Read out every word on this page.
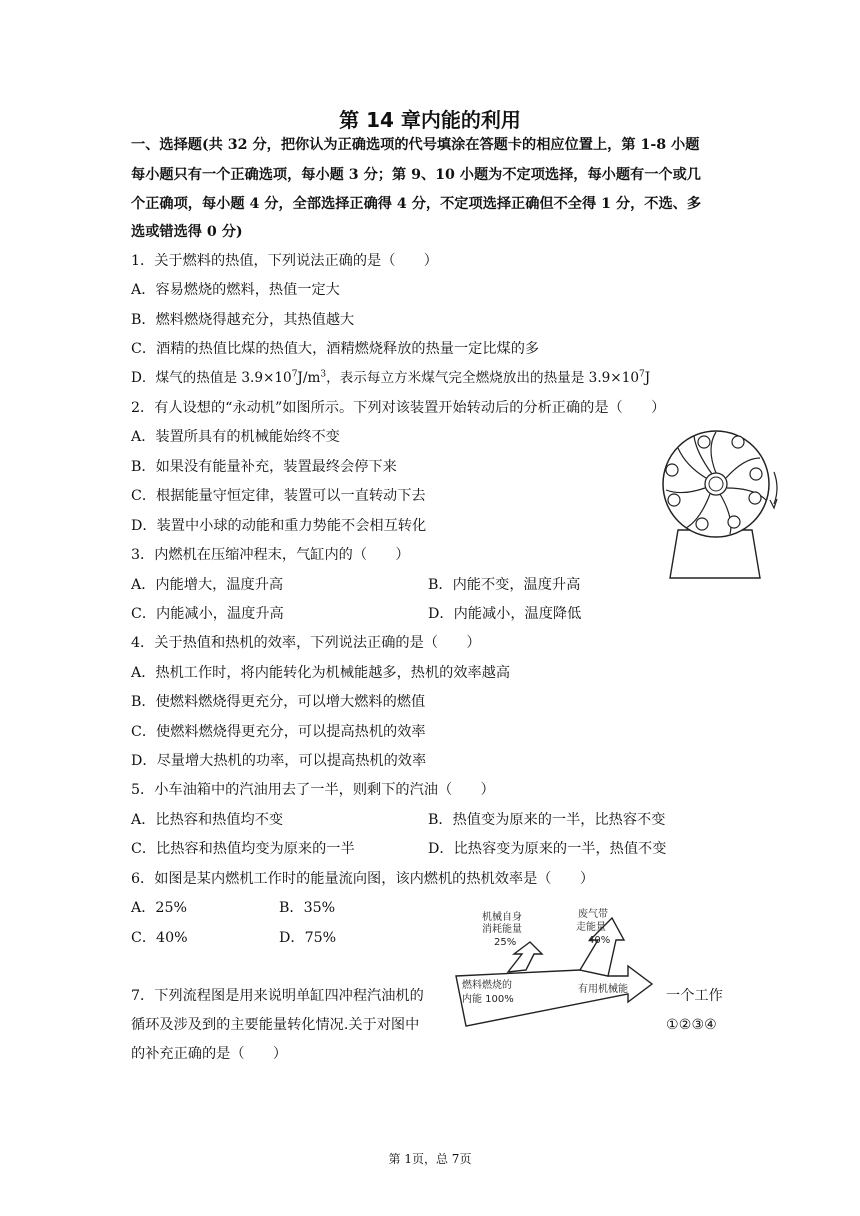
第 14 章内能的利用
一、选择题(共 32 分，把你认为正确选项的代号填涂在答题卡的相应位置上，第 1-8 小题
每小题只有一个正确选项，每小题 3 分；第 9、10 小题为不定项选择，每小题有一个或几
个正确项，每小题 4 分，全部选择正确得 4 分，不定项选择正确但不全得 1 分，不选、多
选或错选得 0 分)
1．关于燃料的热值，下列说法正确的是（　　）
A．容易燃烧的燃料，热值一定大
B．燃料燃烧得越充分，其热值越大
C．酒精的热值比煤的热值大，酒精燃烧释放的热量一定比煤的多
D．煤气的热值是 $3.9\times 10^7J/m^3$，表示每立方米煤气完全燃烧放出的热量是 $3.9\times 10^7J$
2．有人设想的“永动机”如图所示。下列对该装置开始转动后的分析正确的是（　　）
A．装置所具有的机械能始终不变
B．如果没有能量补充，装置最终会停下来
C．根据能量守恒定律，装置可以一直转动下去
D．装置中小球的动能和重力势能不会相互转化
3．内燃机在压缩冲程末，气缸内的（　　）
A．内能增大，温度升高	B．内能不变，温度升高
C．内能减小，温度升高	D．内能减小，温度降低
4．关于热值和热机的效率，下列说法正确的是（　　）
A．热机工作时，将内能转化为机械能越多，热机的效率越高
B．使燃料燃烧得更充分，可以增大燃料的燃值
C．使燃料燃烧得更充分，可以提高热机的效率
D．尽量增大热机的功率，可以提高热机的效率
5．小车油箱中的汽油用去了一半，则剩下的汽油（　　）
A．比热容和热值均不变	B．热值变为原来的一半，比热容不变
C．比热容和热值均变为原来的一半	D．比热容变为原来的一半，热值不变
6．如图是某内燃机工作时的能量流向图，该内燃机的热机效率是（　　）
A．25%	B．35%
C．40%	D．75%
机械自身
消耗能量
25%
废气带
走能量
40%
燃料燃烧的
内能 100%
有用机械能
7．下列流程图是用来说明单缸四冲程汽油机的	一个工作
循环及涉及到的主要能量转化情况.关于对图中	①②③④
的补充正确的是（　　）
第 1页，总 7页
